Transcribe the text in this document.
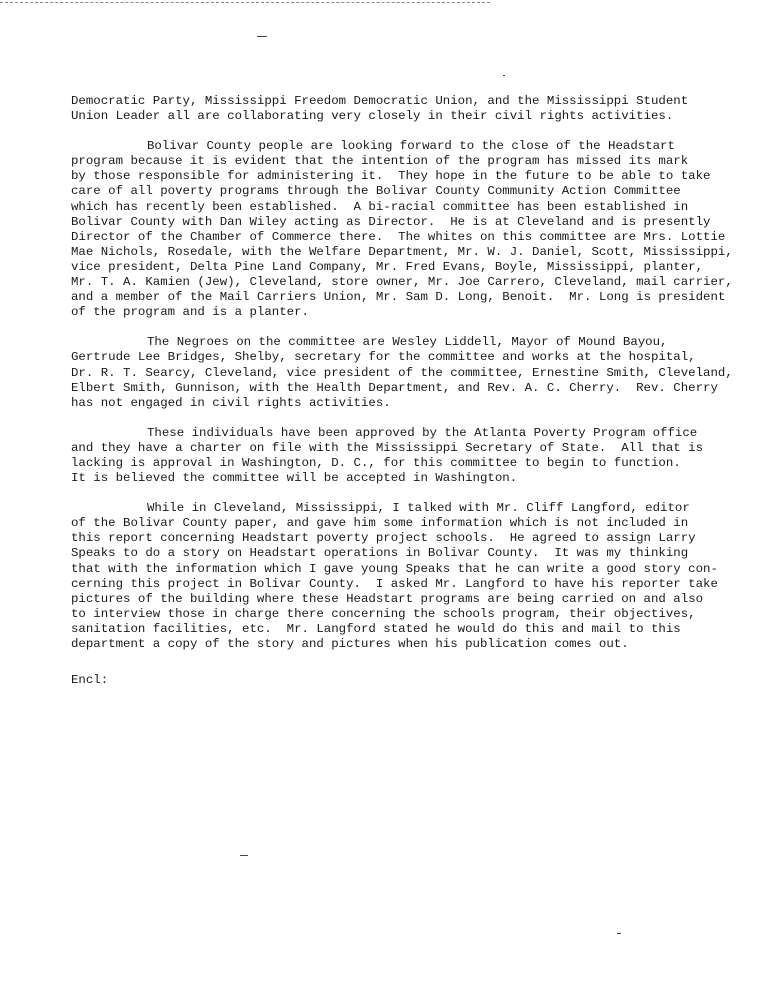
Democratic Party, Mississippi Freedom Democratic Union, and the Mississippi Student
Union Leader all are collaborating very closely in their civil rights activities.

Bolivar County people are looking forward to the close of the Headstart
program because it is evident that the intention of the program has missed its mark
by those responsible for administering it.  They hope in the future to be able to take
care of all poverty programs through the Bolivar County Community Action Committee
which has recently been established.  A bi-racial committee has been established in
Bolivar County with Dan Wiley acting as Director.  He is at Cleveland and is presently
Director of the Chamber of Commerce there.  The whites on this committee are Mrs. Lottie
Mae Nichols, Rosedale, with the Welfare Department, Mr. W. J. Daniel, Scott, Mississippi,
vice president, Delta Pine Land Company, Mr. Fred Evans, Boyle, Mississippi, planter,
Mr. T. A. Kamien (Jew), Cleveland, store owner, Mr. Joe Carrero, Cleveland, mail carrier,
and a member of the Mail Carriers Union, Mr. Sam D. Long, Benoit.  Mr. Long is president
of the program and is a planter.

The Negroes on the committee are Wesley Liddell, Mayor of Mound Bayou,
Gertrude Lee Bridges, Shelby, secretary for the committee and works at the hospital,
Dr. R. T. Searcy, Cleveland, vice president of the committee, Ernestine Smith, Cleveland,
Elbert Smith, Gunnison, with the Health Department, and Rev. A. C. Cherry.  Rev. Cherry
has not engaged in civil rights activities.

These individuals have been approved by the Atlanta Poverty Program office
and they have a charter on file with the Mississippi Secretary of State.  All that is
lacking is approval in Washington, D. C., for this committee to begin to function.
It is believed the committee will be accepted in Washington.

While in Cleveland, Mississippi, I talked with Mr. Cliff Langford, editor
of the Bolivar County paper, and gave him some information which is not included in
this report concerning Headstart poverty project schools.  He agreed to assign Larry
Speaks to do a story on Headstart operations in Bolivar County.  It was my thinking
that with the information which I gave young Speaks that he can write a good story con-
cerning this project in Bolivar County.  I asked Mr. Langford to have his reporter take
pictures of the building where these Headstart programs are being carried on and also
to interview those in charge there concerning the schools program, their objectives,
sanitation facilities, etc.  Mr. Langford stated he would do this and mail to this
department a copy of the story and pictures when his publication comes out.

Encl:
